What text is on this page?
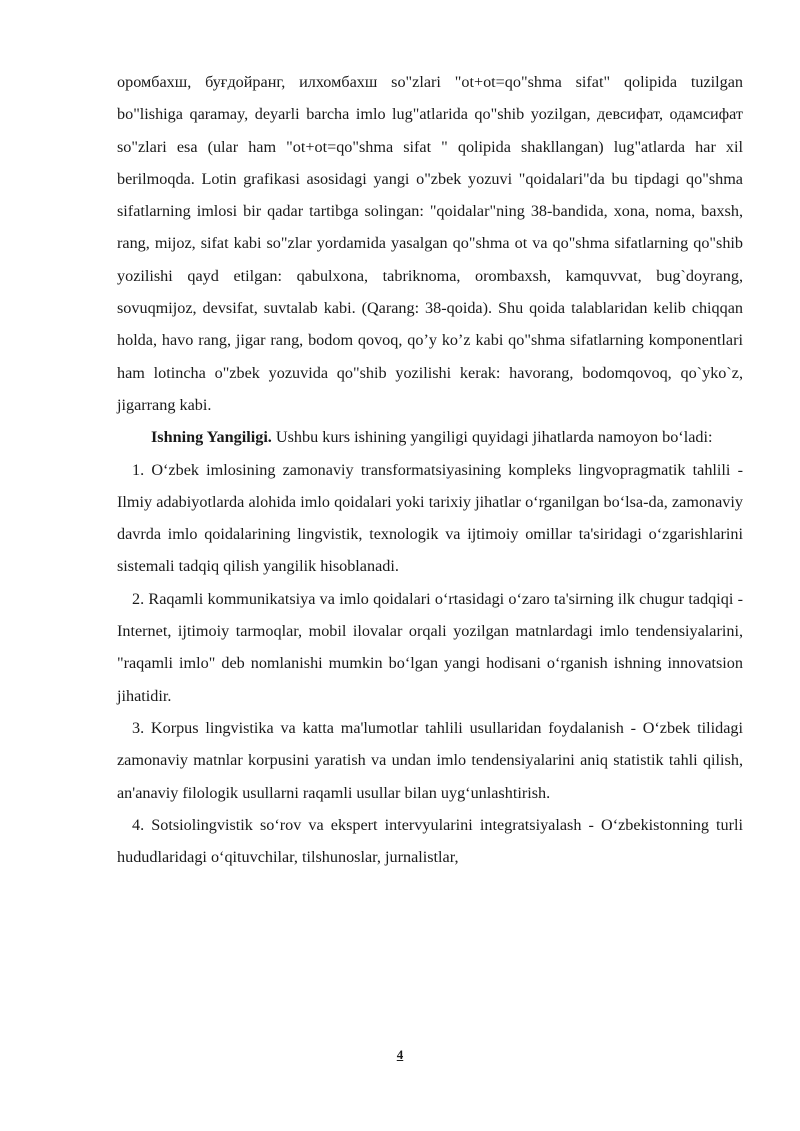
оромбахш, буғдойранг, илхомбахш so"zlari "ot+ot=qo"shma sifat" qolipida tuzilgan bo"lishiga qaramay, deyarli barcha imlo lug"atlarida qo"shib yozilgan, девсифат, одамсифат so"zlari esa (ular ham "ot+ot=qo"shma sifat " qolipida shakllangan) lug"atlarda har xil berilmoqda. Lotin grafikasi asosidagi yangi o"zbek yozuvi "qoidalari"da bu tipdagi qo"shma sifatlarning imlosi bir qadar tartibga solingan: "qoidalar"ning 38-bandida, xona, noma, baxsh, rang, mijoz, sifat kabi so"zlar yordamida yasalgan qo"shma ot va qo"shma sifatlarning qo"shib yozilishi qayd etilgan: qabulxona, tabriknoma, orombaxsh, kamquvvat, bug`doyrang, sovuqmijoz, devsifat, suvtalab kabi. (Qarang: 38-qoida). Shu qoida talablaridan kelib chiqqan holda, havo rang, jigar rang, bodom qovoq, qo’y ko’z kabi qo"shma sifatlarning komponentlari ham lotincha o"zbek yozuvida qo"shib yozilishi kerak: havorang, bodomqovoq, qo`yko`z, jigarrang kabi.

Ishning Yangiligi. Ushbu kurs ishining yangiligi quyidagi jihatlarda namoyon bo‘ladi:

1. O‘zbek imlosining zamonaviy transformatsiyasining kompleks lingvopragmatik tahlili - Ilmiy adabiyotlarda alohida imlo qoidalari yoki tarixiy jihatlar o‘rganilgan bo‘lsa-da, zamonaviy davrda imlo qoidalarining lingvistik, texnologik va ijtimoiy omillar ta'siridagi o‘zgarishlarini sistemali tadqiq qilish yangilik hisoblanadi.

2. Raqamli kommunikatsiya va imlo qoidalari o‘rtasidagi o‘zaro ta'sirning ilk chugur tadqiqi - Internet, ijtimoiy tarmoqlar, mobil ilovalar orqali yozilgan matnlardagi imlo tendensiyalarini, "raqamli imlo" deb nomlanishi mumkin bo‘lgan yangi hodisani o‘rganish ishning innovatsion jihatidir.

3. Korpus lingvistika va katta ma'lumotlar tahlili usullaridan foydalanish - O‘zbek tilidagi zamonaviy matnlar korpusini yaratish va undan imlo tendensiyalarini aniq statistik tahli qilish, an'anaviy filologik usullarni raqamli usullar bilan uyg‘unlashtirish.

4. Sotsiolingvistik so‘rov va ekspert intervyularini integratsiyalash - O‘zbekistonning turli hududlaridagi o‘qituvchilar, tilshunoslar, jurnalistlar,

4
